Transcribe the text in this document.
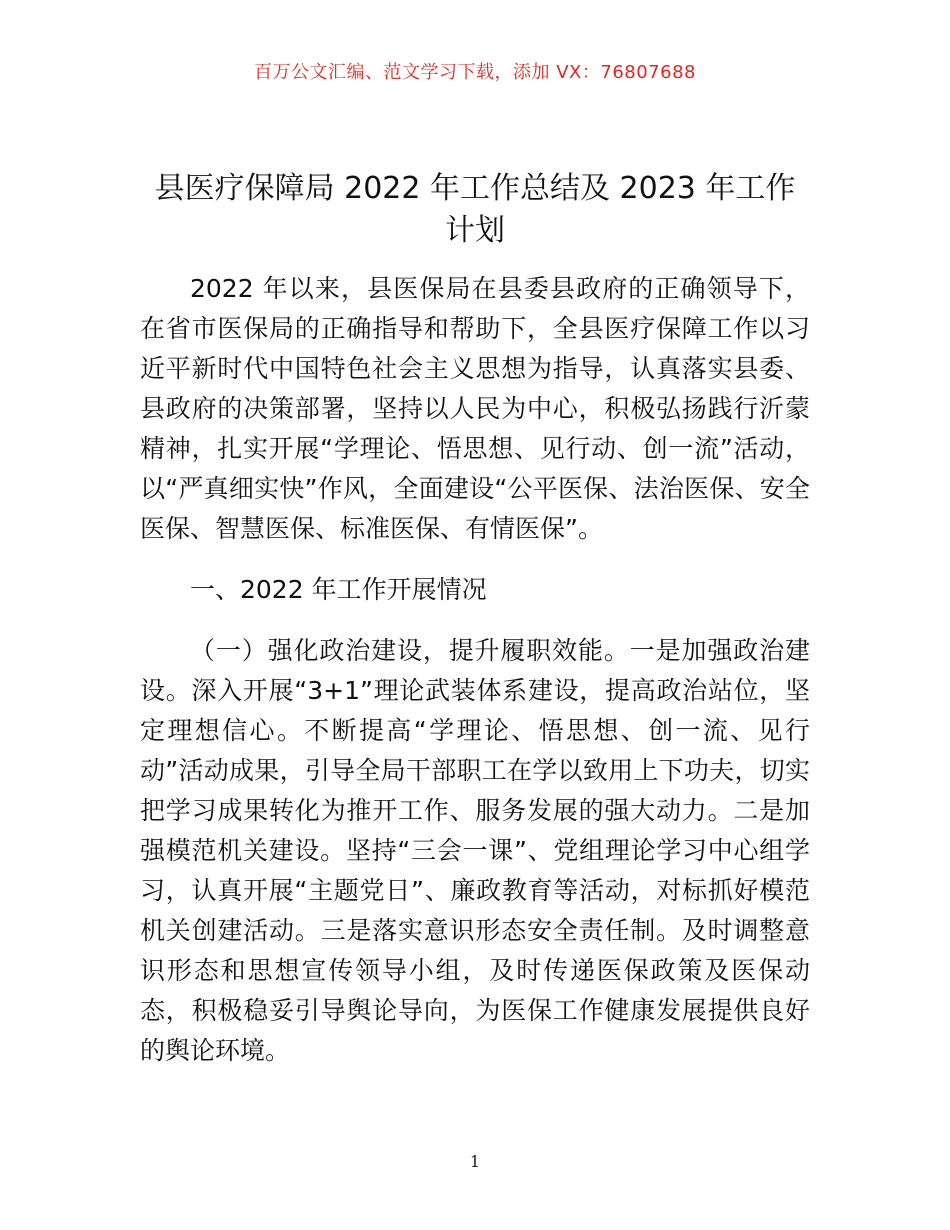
百万公文汇编、范文学习下载，添加 VX：76807688
县医疗保障局 2022 年工作总结及 2023 年工作计划

2022 年以来，县医保局在县委县政府的正确领导下，在省市医保局的正确指导和帮助下，全县医疗保障工作以习近平新时代中国特色社会主义思想为指导，认真落实县委、县政府的决策部署，坚持以人民为中心，积极弘扬践行沂蒙精神，扎实开展“学理论、悟思想、见行动、创一流”活动，以“严真细实快”作风，全面建设“公平医保、法治医保、安全医保、智慧医保、标准医保、有情医保”。

一、2022 年工作开展情况

（一）强化政治建设，提升履职效能。一是加强政治建设。深入开展“3+1”理论武装体系建设，提高政治站位，坚定理想信心。不断提高“学理论、悟思想、创一流、见行动”活动成果，引导全局干部职工在学以致用上下功夫，切实把学习成果转化为推开工作、服务发展的强大动力。二是加强模范机关建设。坚持“三会一课”、党组理论学习中心组学习，认真开展“主题党日”、廉政教育等活动，对标抓好模范机关创建活动。三是落实意识形态安全责任制。及时调整意识形态和思想宣传领导小组，及时传递医保政策及医保动态，积极稳妥引导舆论导向，为医保工作健康发展提供良好的舆论环境。

1
